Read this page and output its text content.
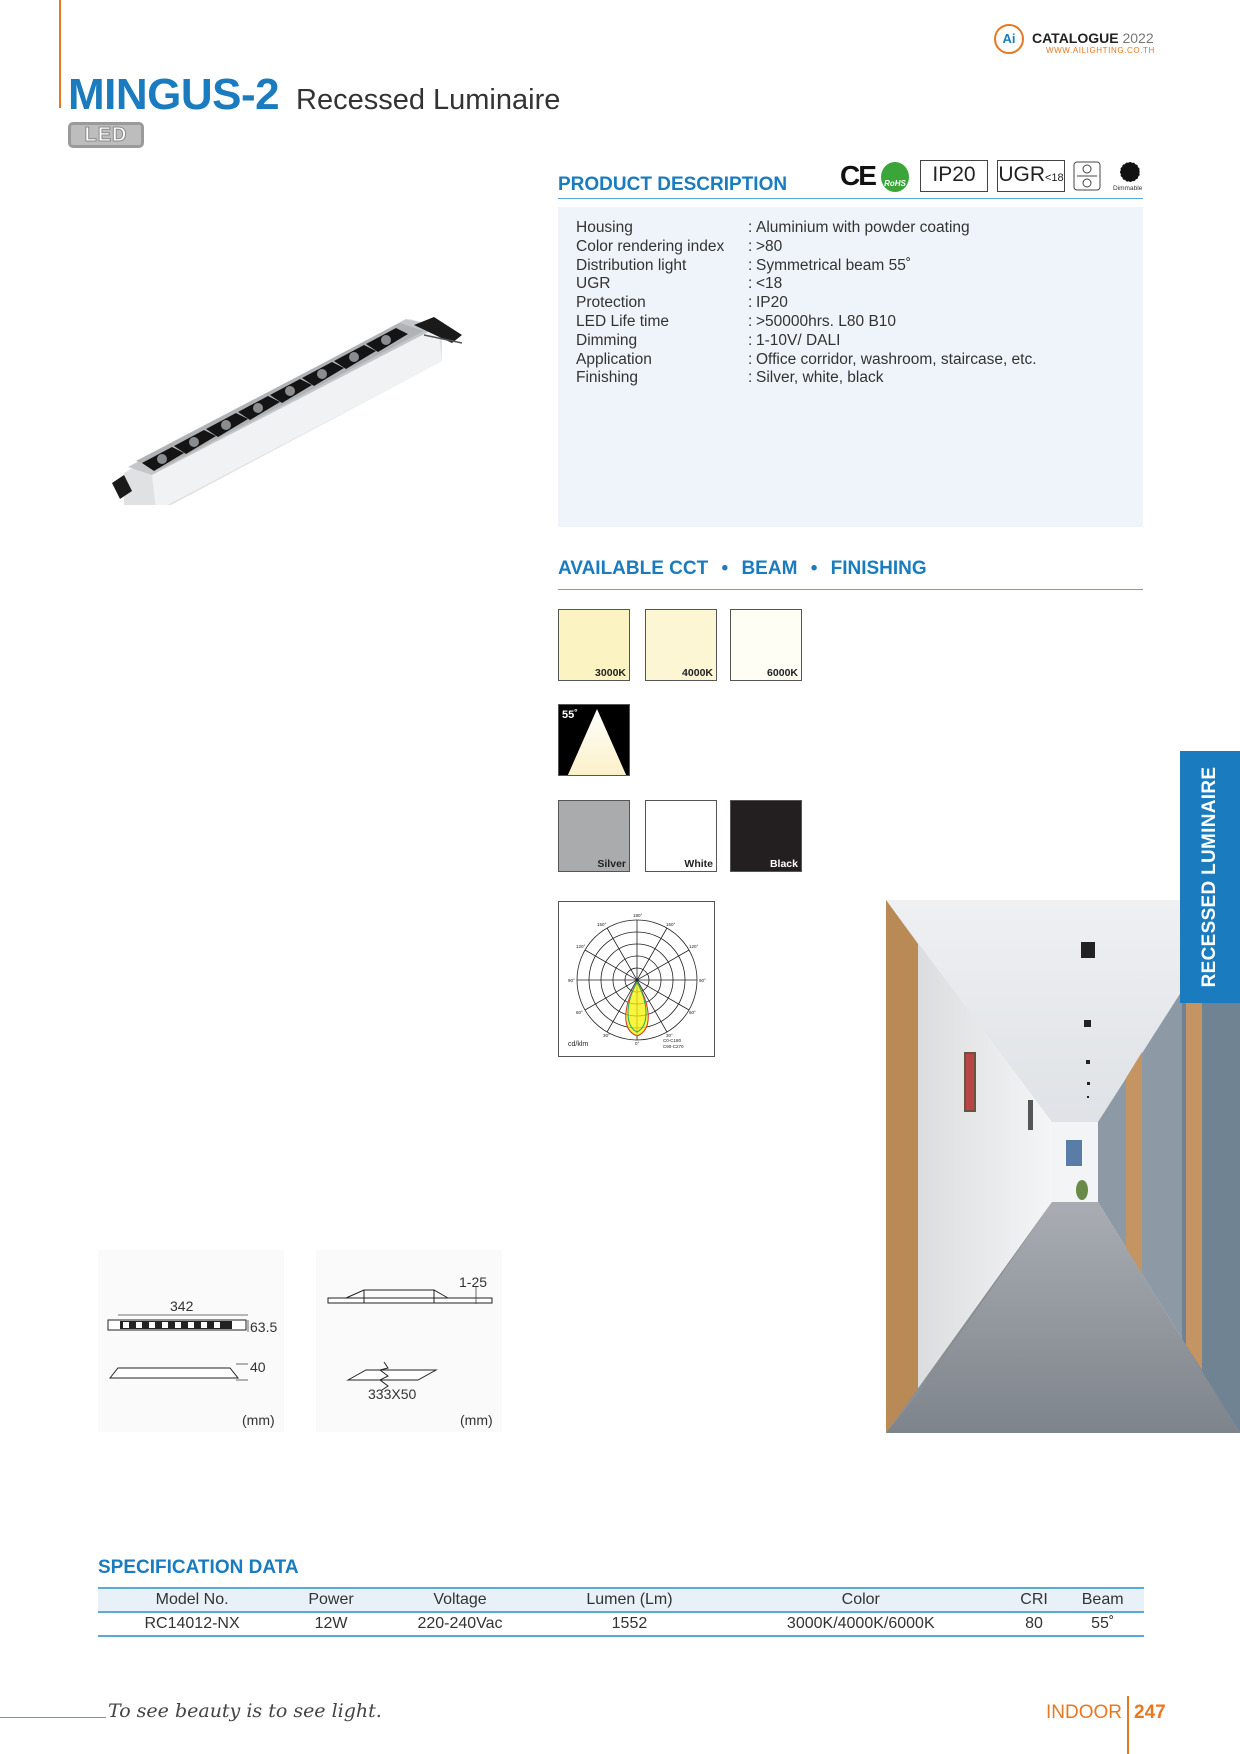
MINGUS-2 Recessed Luminaire
LED
Ai	CATALOGUE 2022
WWW.AILIGHTING.CO.TH
PRODUCT DESCRIPTION CE	RoHS	IP20	UGR<18
Dimmable
Housing	: Aluminium with powder coating
Color rendering index	: >80
Distribution light	: Symmetrical beam 55˚
UGR	: <18
Protection	: IP20
LED Life time	: >50000hrs. L80 B10
Dimming	: 1-10V/ DALI
Application	: Office corridor, washroom, staircase, etc.
Finishing	: Silver, white, black
AVAILABLE CCT • BEAM • FINISHING
3000K	4000K	6000K
55˚
Silver	White	Black
180°
150°	150°
120°	120°
90°	90°
60°	60°
30°	30°
0°
C0-C180
C90-C270
cd/klm
RECESSED LUMINAIRE
342
63.5
40
(mm)
1-25
333X50
(mm)
SPECIFICATION DATA
Model No.	Power	Voltage	Lumen (Lm)	Color	CRI	Beam
RC14012-NX	12W	220-240Vac	1552	3000K/4000K/6000K	80	55˚
To see beauty is to see light.	INDOOR 247
